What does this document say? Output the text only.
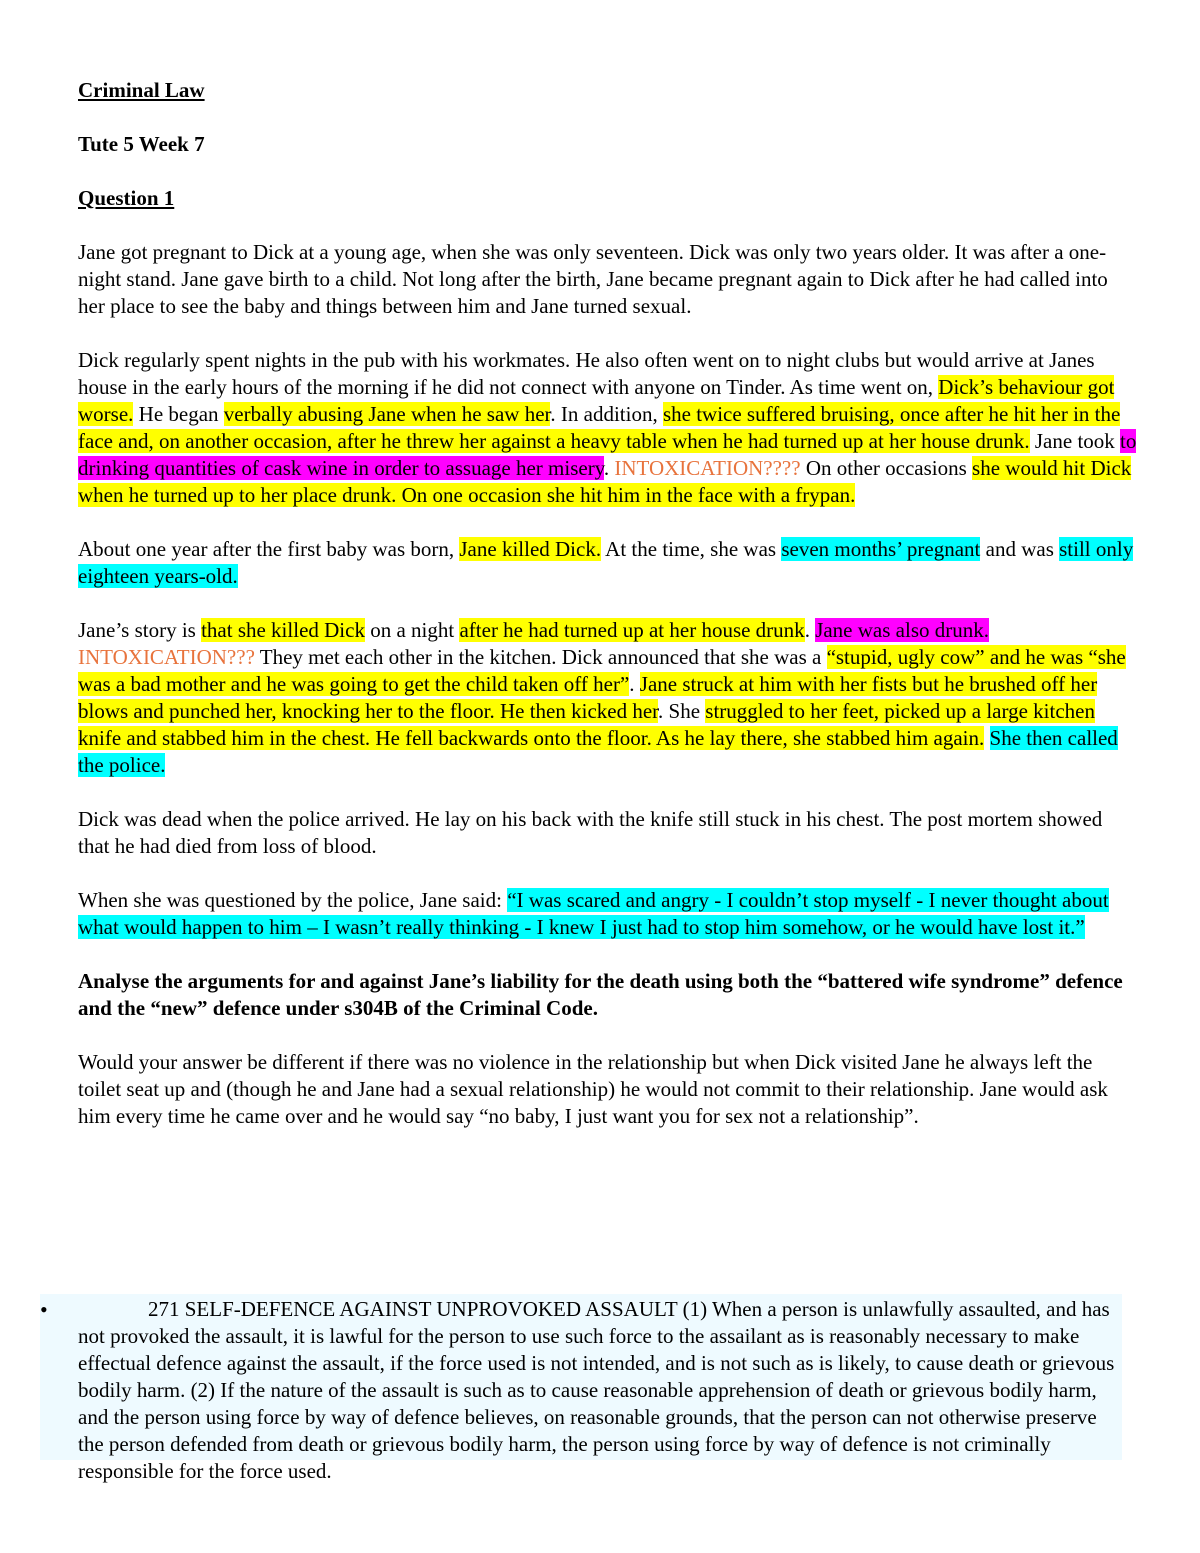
Criminal Law

Tute 5 Week 7

Question 1

Jane got pregnant to Dick at a young age, when she was only seventeen. Dick was only two years older. It was after a one-night stand. Jane gave birth to a child. Not long after the birth, Jane became pregnant again to Dick after he had called into her place to see the baby and things between him and Jane turned sexual.

Dick regularly spent nights in the pub with his workmates. He also often went on to night clubs but would arrive at Janes house in the early hours of the morning if he did not connect with anyone on Tinder. As time went on, Dick’s behaviour got worse. He began verbally abusing Jane when he saw her. In addition, she twice suffered bruising, once after he hit her in the face and, on another occasion, after he threw her against a heavy table when he had turned up at her house drunk. Jane took to drinking quantities of cask wine in order to assuage her misery. INTOXICATION???? On other occasions she would hit Dick when he turned up to her place drunk. On one occasion she hit him in the face with a frypan.

About one year after the first baby was born, Jane killed Dick. At the time, she was seven months’ pregnant and was still only eighteen years-old.

Jane’s story is that she killed Dick on a night after he had turned up at her house drunk. Jane was also drunk. INTOXICATION??? They met each other in the kitchen. Dick announced that she was a “stupid, ugly cow” and he was “she was a bad mother and he was going to get the child taken off her”. Jane struck at him with her fists but he brushed off her blows and punched her, knocking her to the floor. He then kicked her. She struggled to her feet, picked up a large kitchen knife and stabbed him in the chest. He fell backwards onto the floor. As he lay there, she stabbed him again. She then called the police.

Dick was dead when the police arrived. He lay on his back with the knife still stuck in his chest. The post mortem showed that he had died from loss of blood.

When she was questioned by the police, Jane said: “I was scared and angry - I couldn’t stop myself - I never thought about what would happen to him – I wasn’t really thinking - I knew I just had to stop him somehow, or he would have lost it.”

Analyse the arguments for and against Jane’s liability for the death using both the “battered wife syndrome” defence and the “new” defence under s304B of the Criminal Code.

Would your answer be different if there was no violence in the relationship but when Dick visited Jane he always left the toilet seat up and (though he and Jane had a sexual relationship) he would not commit to their relationship. Jane would ask him every time he came over and he would say “no baby, I just want you for sex not a relationship”.

•	271 SELF-DEFENCE AGAINST UNPROVOKED ASSAULT (1) When a person is unlawfully assaulted, and has not provoked the assault, it is lawful for the person to use such force to the assailant as is reasonably necessary to make effectual defence against the assault, if the force used is not intended, and is not such as is likely, to cause death or grievous bodily harm. (2) If the nature of the assault is such as to cause reasonable apprehension of death or grievous bodily harm, and the person using force by way of defence believes, on reasonable grounds, that the person can not otherwise preserve the person defended from death or grievous bodily harm, the person using force by way of defence is not criminally responsible for the force used.
